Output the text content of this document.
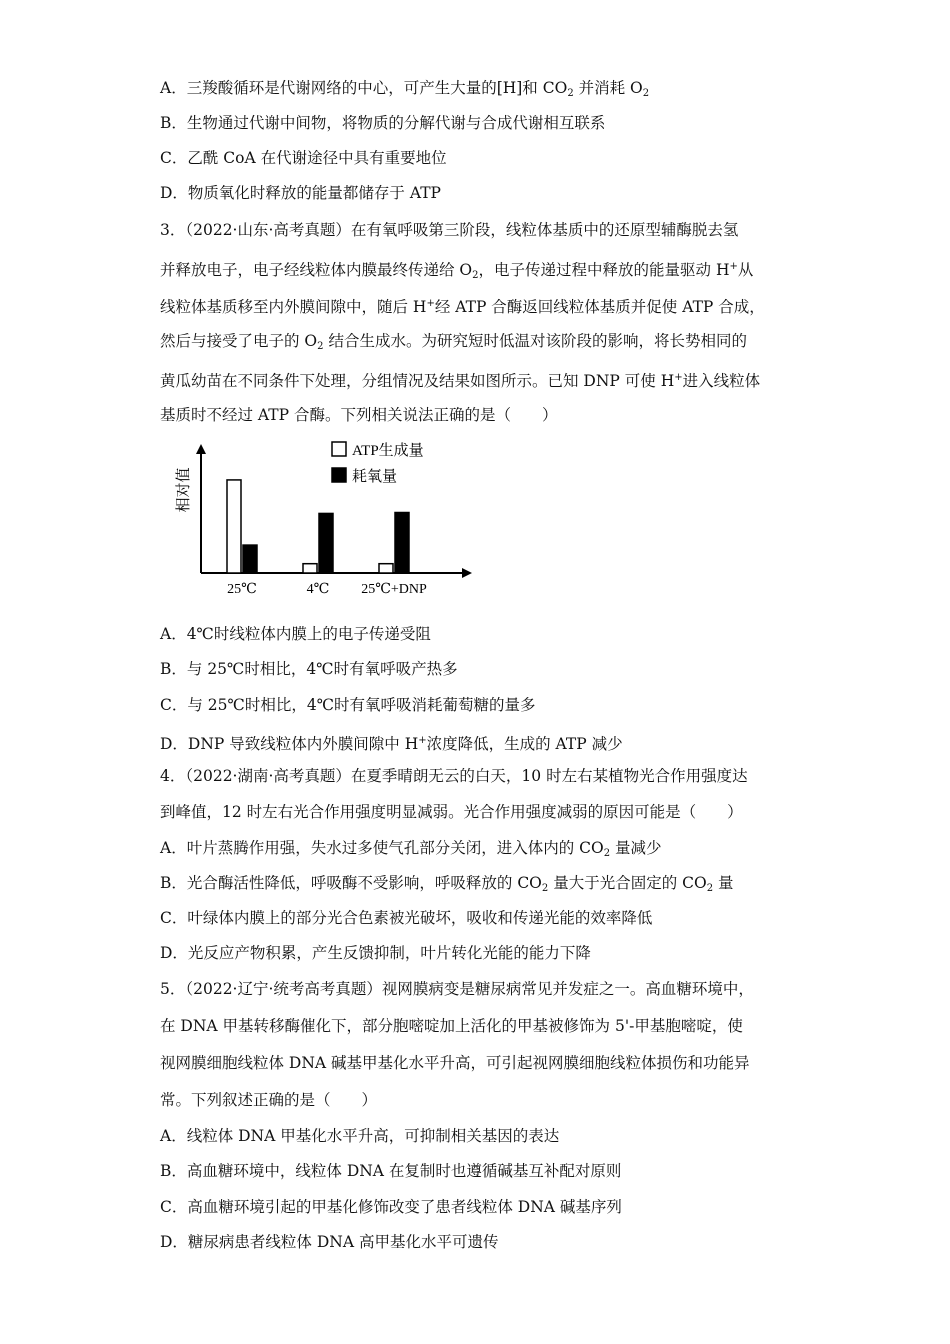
A．三羧酸循环是代谢网络的中心，可产生大量的[H]和 $CO_2$ 并消耗 $O_2$
B．生物通过代谢中间物，将物质的分解代谢与合成代谢相互联系
C．乙酰 CoA 在代谢途径中具有重要地位
D．物质氧化时释放的能量都储存于 ATP
3．（2022·山东·高考真题）在有氧呼吸第三阶段，线粒体基质中的还原型辅酶脱去氢
并释放电子，电子经线粒体内膜最终传递给 $O_2$，电子传递过程中释放的能量驱动 H+从
线粒体基质移至内外膜间隙中，随后 H+经 ATP 合酶返回线粒体基质并促使 ATP 合成，
然后与接受了电子的 $O_2$ 结合生成水。为研究短时低温对该阶段的影响，将长势相同的
黄瓜幼苗在不同条件下处理，分组情况及结果如图所示。已知 DNP 可使 H+进入线粒体
基质时不经过 ATP 合酶。下列相关说法正确的是（　　）
25℃	4℃ 25℃+DNP
ATP生成量
耗氧量
相对值
A．4℃时线粒体内膜上的电子传递受阻
B．与 25℃时相比，4℃时有氧呼吸产热多
C．与 25℃时相比，4℃时有氧呼吸消耗葡萄糖的量多
D．DNP 导致线粒体内外膜间隙中 H+浓度降低，生成的 ATP 减少
4．（2022·湖南·高考真题）在夏季晴朗无云的白天，10 时左右某植物光合作用强度达
到峰值，12 时左右光合作用强度明显减弱。光合作用强度减弱的原因可能是（　　）
A．叶片蒸腾作用强，失水过多使气孔部分关闭，进入体内的 $CO_2$ 量减少
B．光合酶活性降低，呼吸酶不受影响，呼吸释放的 $CO_2$ 量大于光合固定的 $CO_2$ 量
C．叶绿体内膜上的部分光合色素被光破坏，吸收和传递光能的效率降低
D．光反应产物积累，产生反馈抑制，叶片转化光能的能力下降
5．（2022·辽宁·统考高考真题）视网膜病变是糖尿病常见并发症之一。高血糖环境中，
在 DNA 甲基转移酶催化下，部分胞嘧啶加上活化的甲基被修饰为 5'-甲基胞嘧啶，使
视网膜细胞线粒体 DNA 碱基甲基化水平升高，可引起视网膜细胞线粒体损伤和功能异
常。下列叙述正确的是（　　）
A．线粒体 DNA 甲基化水平升高，可抑制相关基因的表达
B．高血糖环境中，线粒体 DNA 在复制时也遵循碱基互补配对原则
C．高血糖环境引起的甲基化修饰改变了患者线粒体 DNA 碱基序列
D．糖尿病患者线粒体 DNA 高甲基化水平可遗传
